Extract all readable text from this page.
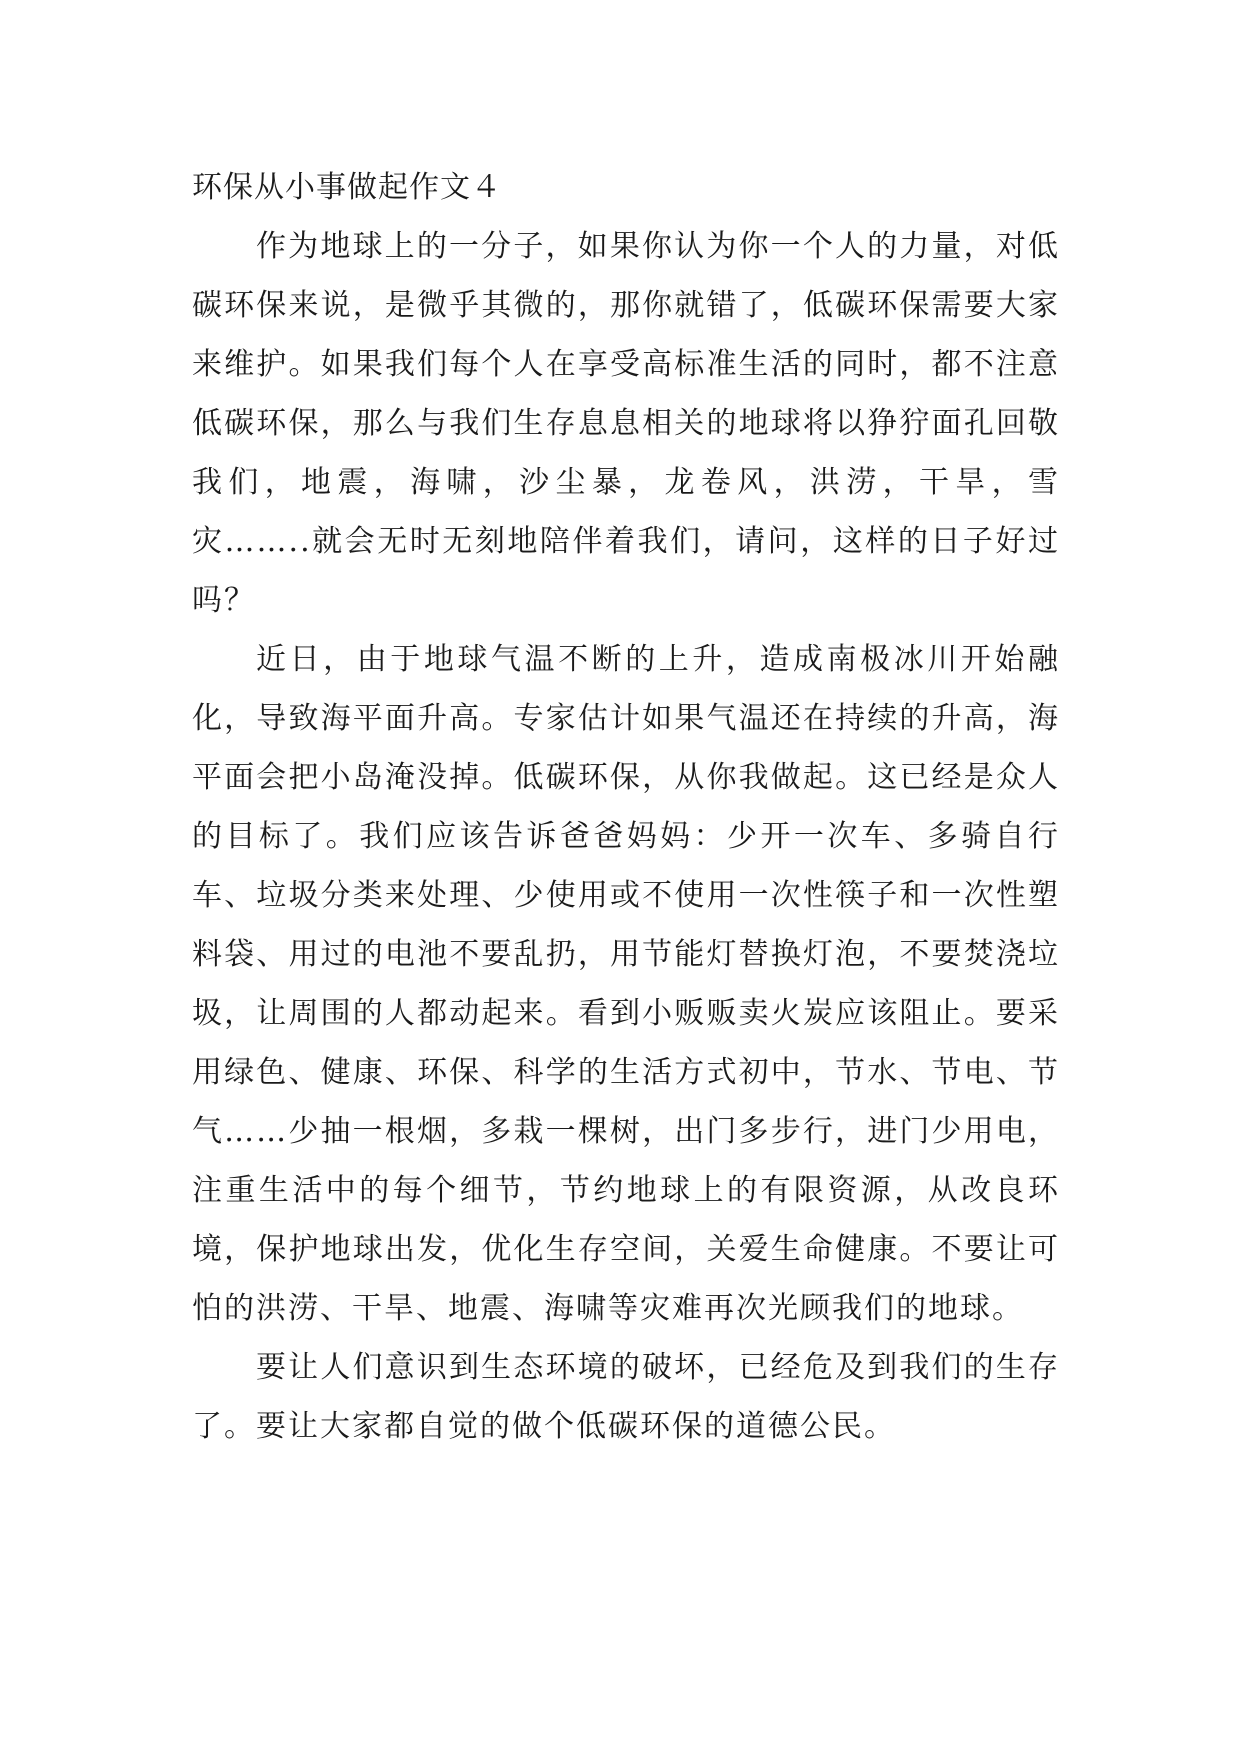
环保从小事做起作文４

作为地球上的一分子，如果你认为你一个人的力量，对低碳环保来说，是微乎其微的，那你就错了，低碳环保需要大家来维护。如果我们每个人在享受高标准生活的同时，都不注意低碳环保，那么与我们生存息息相关的地球将以狰狞面孔回敬我们，地震，海啸，沙尘暴，龙卷风，洪涝，干旱，雪灾……..就会无时无刻地陪伴着我们，请问，这样的日子好过吗？

近日，由于地球气温不断的上升，造成南极冰川开始融化，导致海平面升高。专家估计如果气温还在持续的升高，海平面会把小岛淹没掉。低碳环保，从你我做起。这已经是众人的目标了。我们应该告诉爸爸妈妈：少开一次车、多骑自行车、垃圾分类来处理、少使用或不使用一次性筷子和一次性塑料袋、用过的电池不要乱扔，用节能灯替换灯泡，不要焚浇垃圾，让周围的人都动起来。看到小贩贩卖火炭应该阻止。要采用绿色、健康、环保、科学的生活方式初中，节水、节电、节气……少抽一根烟，多栽一棵树，出门多步行，进门少用电，注重生活中的每个细节，节约地球上的有限资源，从改良环境，保护地球出发，优化生存空间，关爱生命健康。不要让可怕的洪涝、干旱、地震、海啸等灾难再次光顾我们的地球。

要让人们意识到生态环境的破坏，已经危及到我们的生存了。要让大家都自觉的做个低碳环保的道德公民。
